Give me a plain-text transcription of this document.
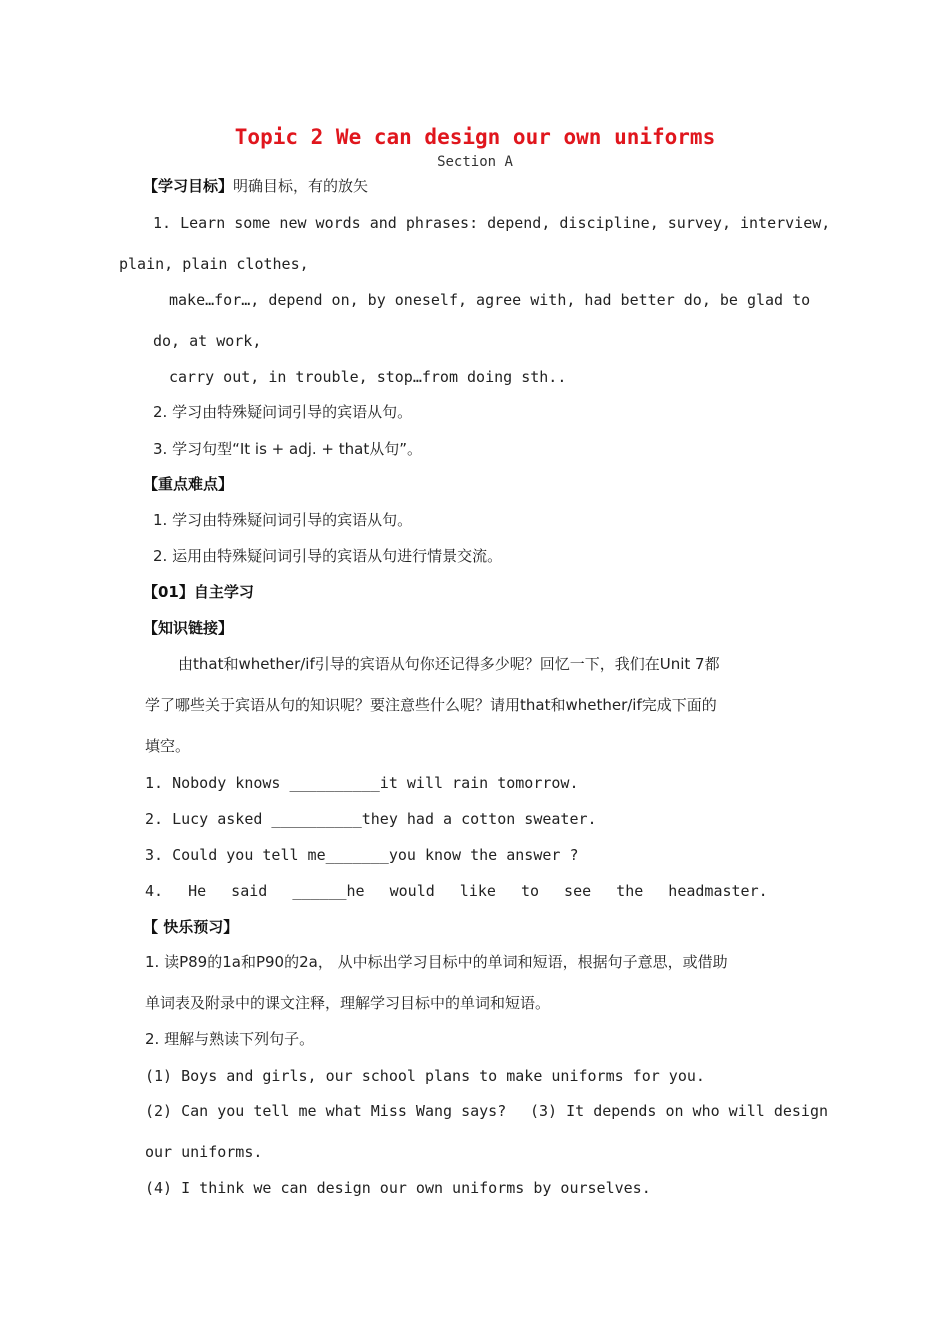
Topic 2 We can design our own uniforms
Section A
【学习目标】明确目标，有的放矢
1. Learn some new words and phrases: depend, discipline, survey, interview,
plain, plain clothes,
make…for…, depend on, by oneself, agree with, had better do, be glad to
do, at work,
carry out, in trouble, stop…from doing sth..
2. 学习由特殊疑问词引导的宾语从句。
3. 学习句型“It is + adj. + that从句”。
【重点难点】
1. 学习由特殊疑问词引导的宾语从句。
2. 运用由特殊疑问词引导的宾语从句进行情景交流。
【01】自主学习
【知识链接】
由that和whether/if引导的宾语从句你还记得多少呢？回忆一下，我们在Unit 7都
学了哪些关于宾语从句的知识呢？要注意些什么呢？请用that和whether/if完成下面的
填空。
1. Nobody knows __________it will rain tomorrow.
2. Lucy asked __________they had a cotton sweater.
3. Could you tell me_______you know the answer ?
4. He said ______he would like to see the headmaster.
【 快乐预习】
1. 读P89的1a和P90的2a， 从中标出学习目标中的单词和短语，根据句子意思，或借助
单词表及附录中的课文注释，理解学习目标中的单词和短语。
2. 理解与熟读下列句子。
(1) Boys and girls, our school plans to make uniforms for you.
(2) Can you tell me what Miss Wang says? (3) It depends on who will design
our uniforms.
(4) I think we can design our own uniforms by ourselves.
